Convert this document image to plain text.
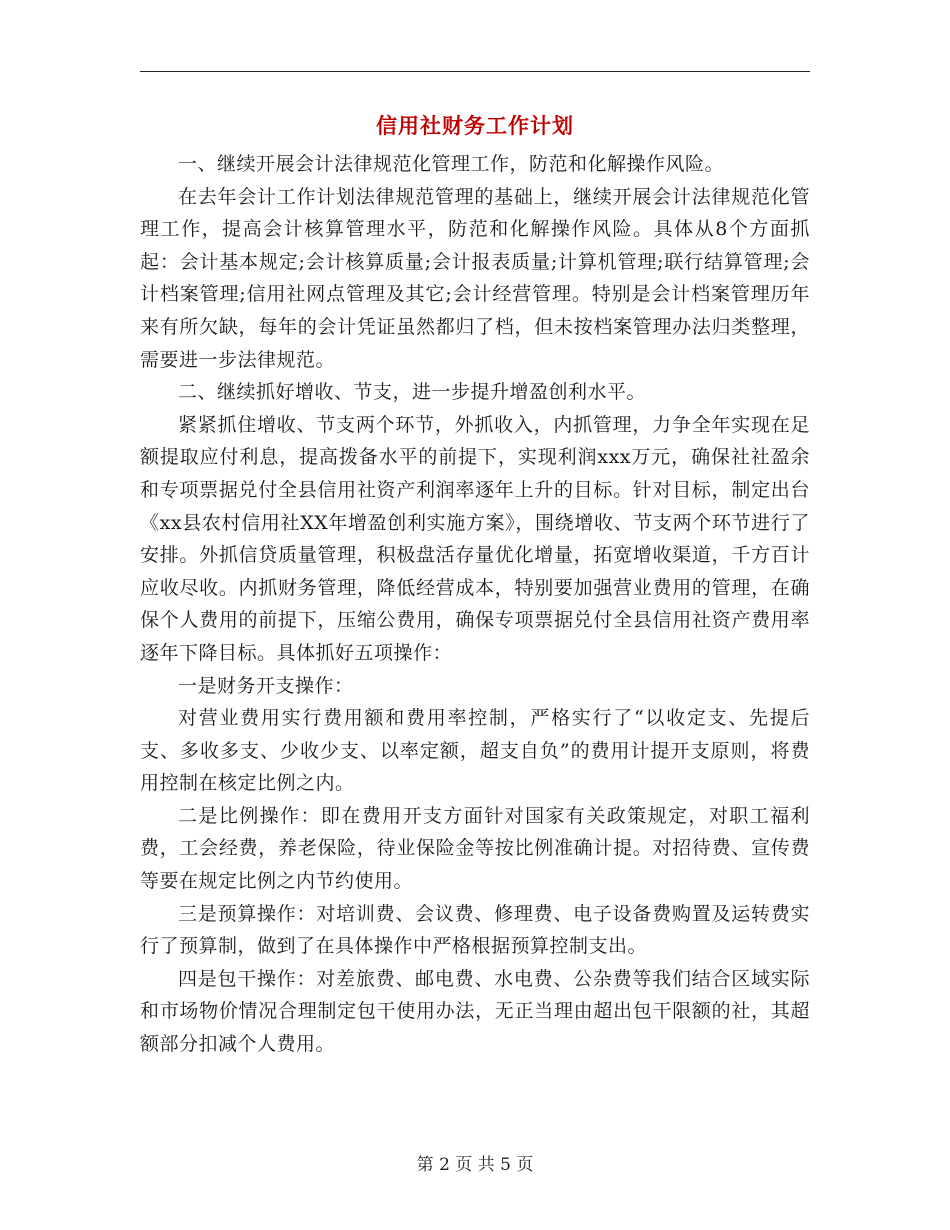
信用社财务工作计划

一、继续开展会计法律规范化管理工作，防范和化解操作风险。

在去年会计工作计划法律规范管理的基础上，继续开展会计法律规范化管理工作，提高会计核算管理水平，防范和化解操作风险。具体从8个方面抓起：会计基本规定;会计核算质量;会计报表质量;计算机管理;联行结算管理;会计档案管理;信用社网点管理及其它;会计经营管理。特别是会计档案管理历年来有所欠缺，每年的会计凭证虽然都归了档，但未按档案管理办法归类整理，需要进一步法律规范。

二、继续抓好增收、节支，进一步提升增盈创利水平。

紧紧抓住增收、节支两个环节，外抓收入，内抓管理，力争全年实现在足额提取应付利息，提高拨备水平的前提下，实现利润xxx万元，确保社社盈余和专项票据兑付全县信用社资产利润率逐年上升的目标。针对目标，制定出台《xx县农村信用社XX年增盈创利实施方案》，围绕增收、节支两个环节进行了安排。外抓信贷质量管理，积极盘活存量优化增量，拓宽增收渠道，千方百计应收尽收。内抓财务管理，降低经营成本，特别要加强营业费用的管理，在确保个人费用的前提下，压缩公费用，确保专项票据兑付全县信用社资产费用率逐年下降目标。具体抓好五项操作：

一是财务开支操作：

对营业费用实行费用额和费用率控制，严格实行了“以收定支、先提后支、多收多支、少收少支、以率定额，超支自负”的费用计提开支原则，将费用控制在核定比例之内。

二是比例操作：即在费用开支方面针对国家有关政策规定，对职工福利费，工会经费，养老保险，待业保险金等按比例准确计提。对招待费、宣传费等要在规定比例之内节约使用。

三是预算操作：对培训费、会议费、修理费、电子设备费购置及运转费实行了预算制，做到了在具体操作中严格根据预算控制支出。

四是包干操作：对差旅费、邮电费、水电费、公杂费等我们结合区域实际和市场物价情况合理制定包干使用办法，无正当理由超出包干限额的社，其超额部分扣减个人费用。

第 2 页 共 5 页
